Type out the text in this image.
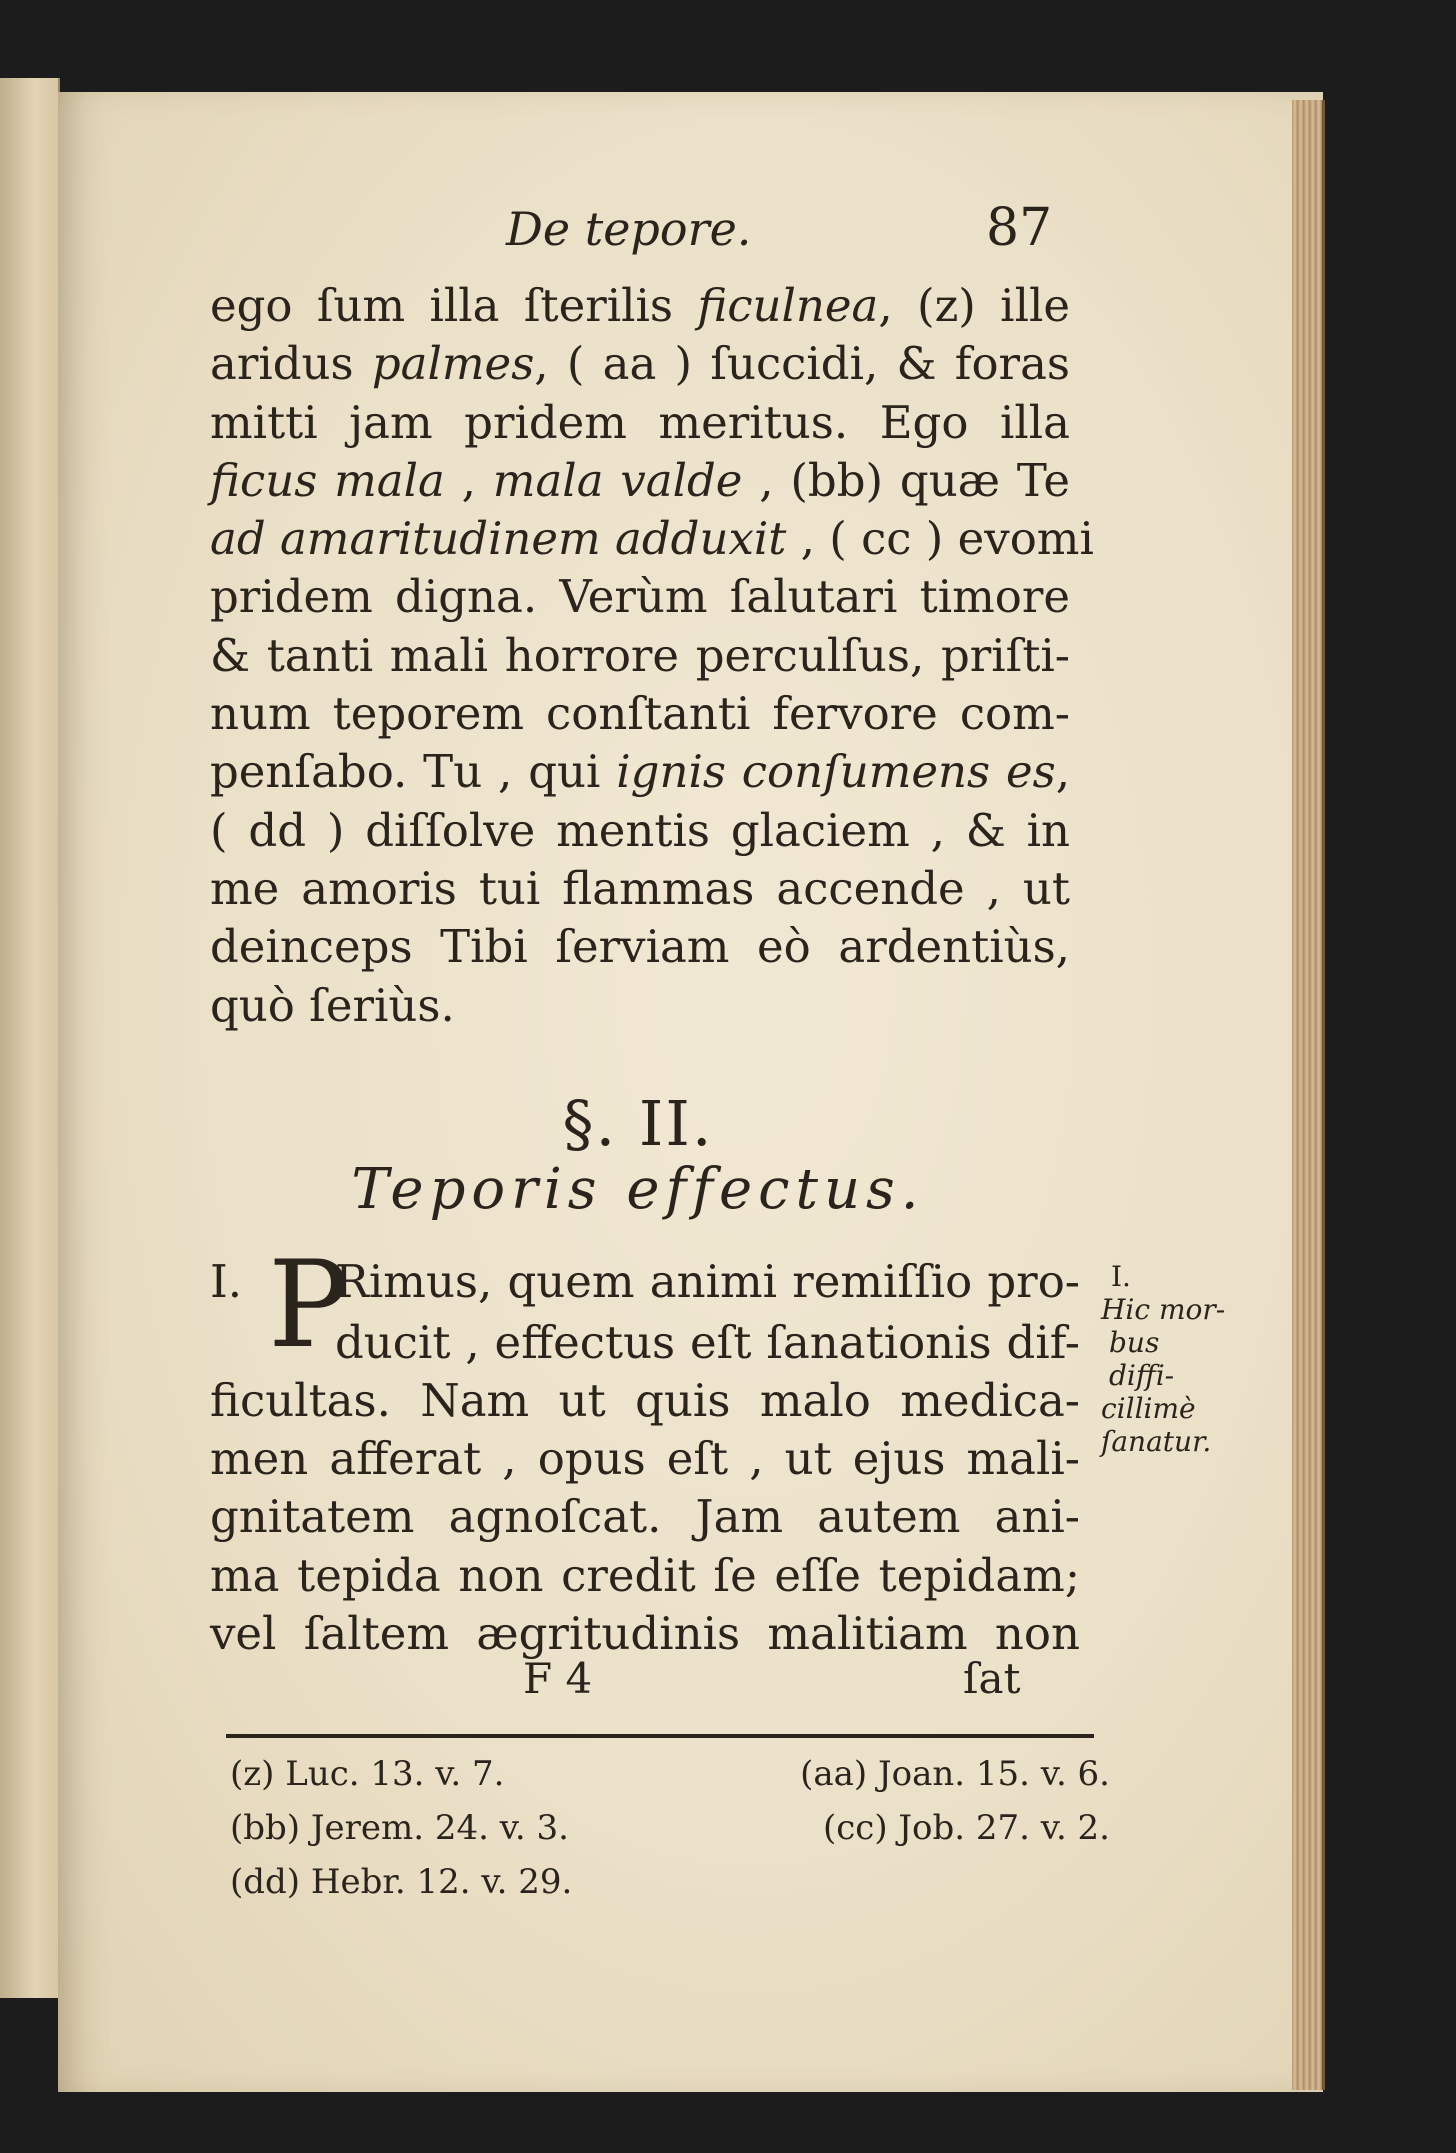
De tepore.	87
ego ſum illa ſterilis ficulnea, (z) ille
aridus palmes, ( aa ) ſuccidi, & foras
mitti jam pridem meritus. Ego illa
ficus mala , mala valde , (bb) quæ Te
ad amaritudinem adduxit , ( cc ) evomi
pridem digna. Verùm ſalutari timore
& tanti mali horrore perculſus, priſti-
num teporem conſtanti fervore com-
penſabo. Tu , qui ignis conſumens es,
( dd ) diſſolve mentis glaciem , & in
me amoris tui flammas accende , ut
deinceps Tibi ſerviam eò ardentiùs,
quò ſeriùs.
§. II.
Teporis effectus.
I. P
Rimus, quem animi remiſſio pro-
ducit , effectus eſt ſanationis dif-
ficultas. Nam ut quis malo medica-
men afferat , opus eſt , ut ejus mali-
gnitatem agnoſcat. Jam autem ani-
ma tepida non credit ſe eſſe tepidam;
vel ſaltem ægritudinis malitiam non
I.
Hic mor-
bus diffi-
cillimè
ſanatur.
F 4	ſat
(z) Luc. 13. v. 7.	(aa) Joan. 15. v. 6.
(bb) Jerem. 24. v. 3.	(cc) Job. 27. v. 2.
(dd) Hebr. 12. v. 29.
